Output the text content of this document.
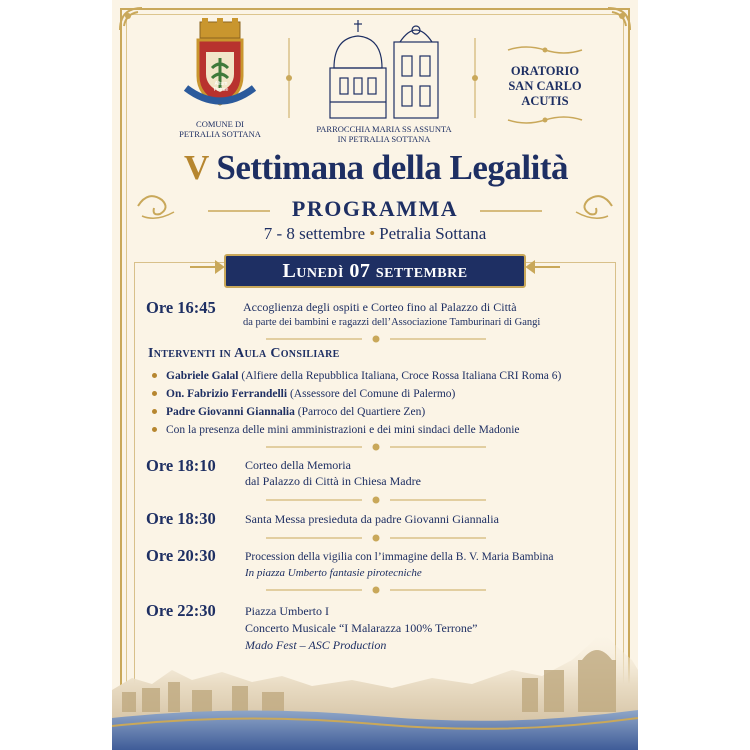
Altum Petrae
COMUNE DI
PETRALIA SOTTANA	PARROCCHIA MARIA SS ASSUNTA
IN PETRALIA SOTTANA
ORATORIO
SAN CARLO
ACUTIS
V Settimana della Legalità
PROGRAMMA
7 - 8 settembre • Petralia Sottana
Lunedì 07 settembre
Ore 16:45 Accoglienza degli ospiti e Corteo fino al Palazzo di Città
da parte dei bambini e ragazzi dell’Associazione Tamburinari di Gangi
Interventi in Aula Consiliare
Gabriele Galal (Alfiere della Repubblica Italiana, Croce Rossa Italiana CRI Roma 6)
On. Fabrizio Ferrandelli (Assessore del Comune di Palermo)
Padre Giovanni Giannalia (Parroco del Quartiere Zen)
Con la presenza delle mini amministrazioni e dei mini sindaci delle Madonie
Ore 18:10 Corteo della Memoria
dal Palazzo di Città in Chiesa Madre
Ore 18:30 Santa Messa presieduta da padre Giovanni Giannalia
Ore 20:30	Procession della vigilia con l’immagine della B. V. Maria Bambina
In piazza Umberto fantasie pirotecniche
Ore 22:30 Piazza Umberto I
Concerto Musicale “I Malarazza 100% Terrone”
Mado Fest – ASC Production
